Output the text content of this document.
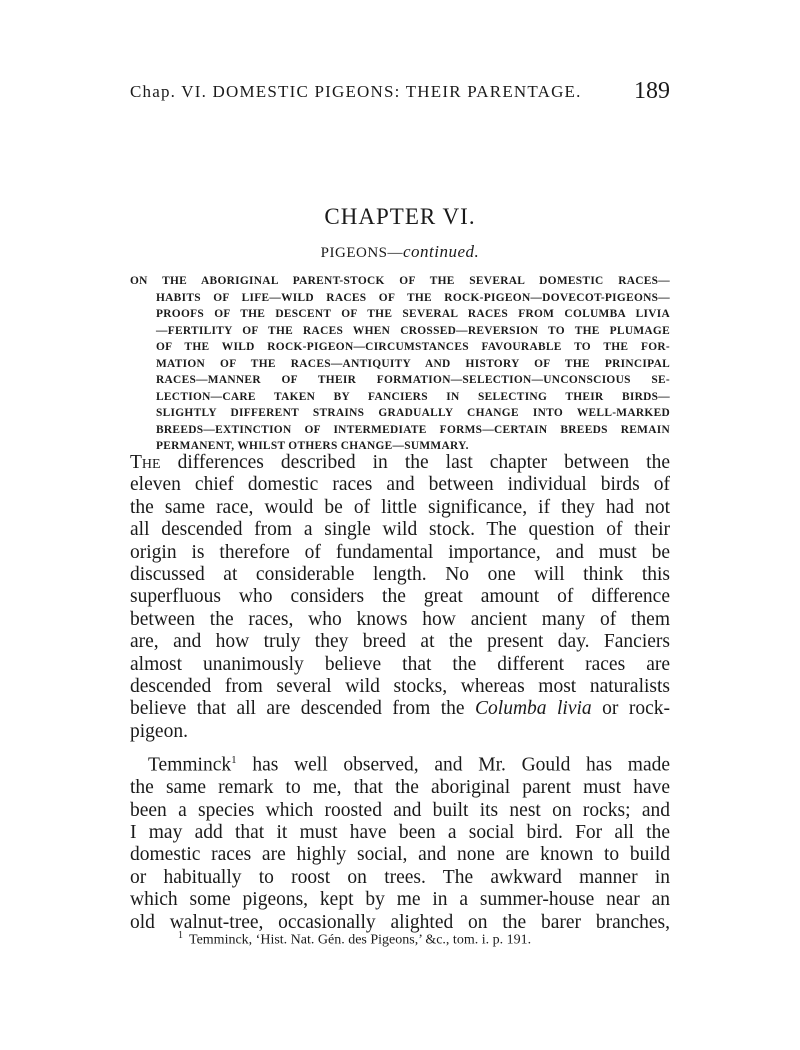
Chap. VI. DOMESTIC PIGEONS: THEIR PARENTAGE. 189
CHAPTER VI.
PIGEONS—continued.
ON THE ABORIGINAL PARENT-STOCK OF THE SEVERAL DOMESTIC RACES—
HABITS OF LIFE—WILD RACES OF THE ROCK-PIGEON—DOVECOT-PIGEONS—
PROOFS OF THE DESCENT OF THE SEVERAL RACES FROM COLUMBA LIVIA
—FERTILITY OF THE RACES WHEN CROSSED—REVERSION TO THE PLUMAGE
OF THE WILD ROCK-PIGEON—CIRCUMSTANCES FAVOURABLE TO THE FOR-
MATION OF THE RACES—ANTIQUITY AND HISTORY OF THE PRINCIPAL
RACES—MANNER OF THEIR FORMATION—SELECTION—UNCONSCIOUS SE-
LECTION—CARE TAKEN BY FANCIERS IN SELECTING THEIR BIRDS—
SLIGHTLY DIFFERENT STRAINS GRADUALLY CHANGE INTO WELL-MARKED
BREEDS—EXTINCTION OF INTERMEDIATE FORMS—CERTAIN BREEDS REMAIN
PERMANENT, WHILST OTHERS CHANGE—SUMMARY.
The differences described in the last chapter between the
eleven chief domestic races and between individual birds of
the same race, would be of little significance, if they had not
all descended from a single wild stock. The question of their
origin is therefore of fundamental importance, and must be
discussed at considerable length. No one will think this
superfluous who considers the great amount of difference
between the races, who knows how ancient many of them
are, and how truly they breed at the present day. Fanciers
almost unanimously believe that the different races are
descended from several wild stocks, whereas most naturalists
believe that all are descended from the Columba livia or rock-
pigeon.
Temminck$^1$ has well observed, and Mr. Gould has made
the same remark to me, that the aboriginal parent must have
been a species which roosted and built its nest on rocks; and
I may add that it must have been a social bird. For all the
domestic races are highly social, and none are known to build
or habitually to roost on trees. The awkward manner in
which some pigeons, kept by me in a summer-house near an
old walnut-tree, occasionally alighted on the barer branches,
$^1$ Temminck, ‘Hist. Nat. Gén. des Pigeons,’ &c., tom. i. p. 191.
